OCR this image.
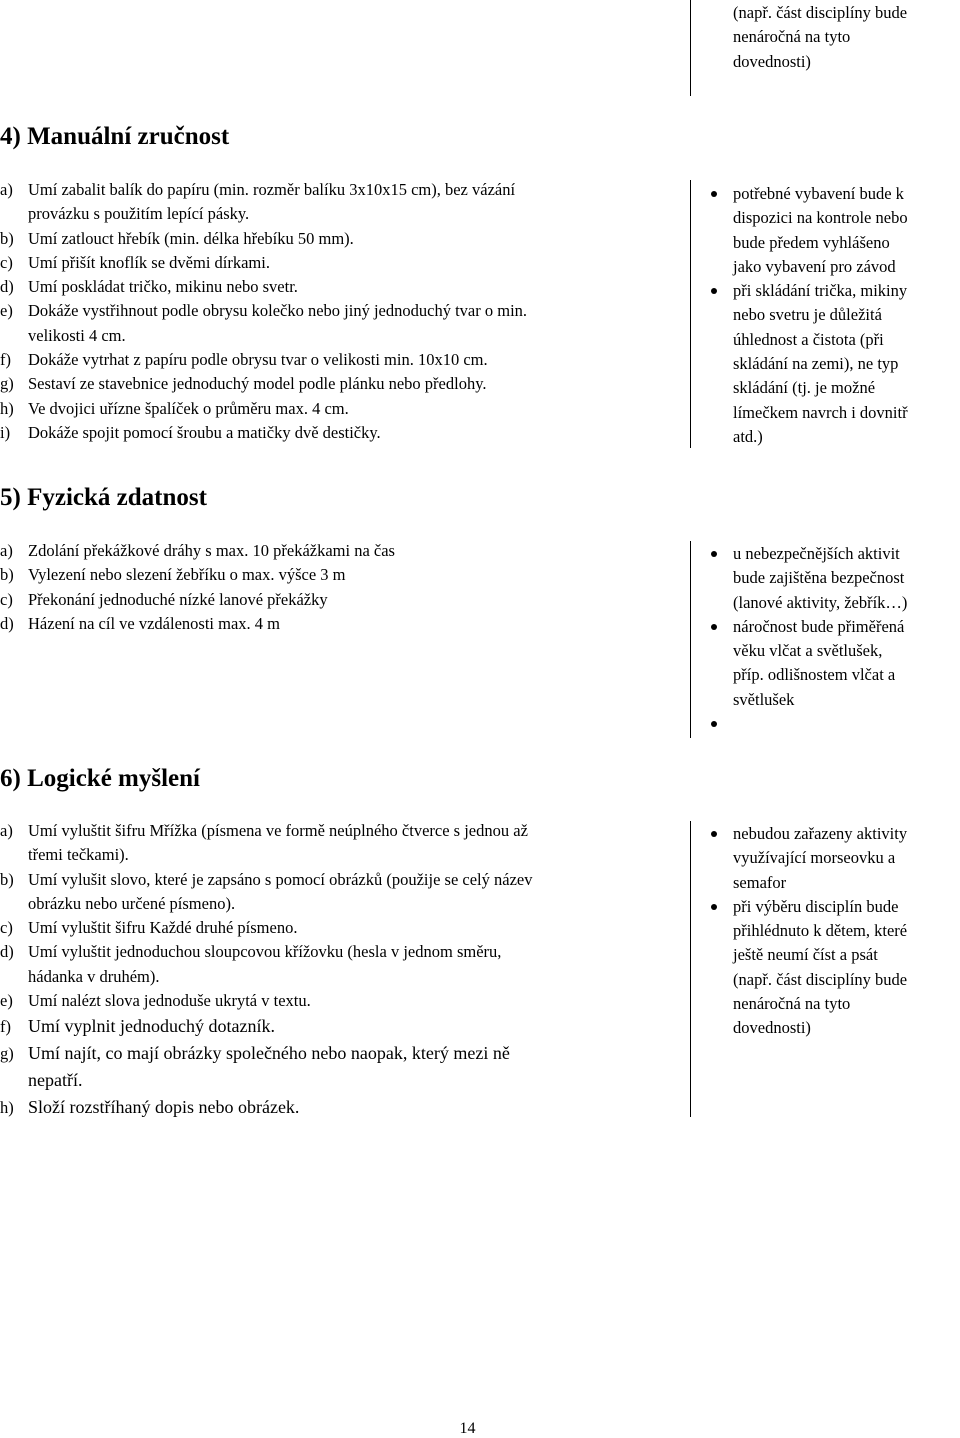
(např. část disciplíny bude
nenáročná na tyto
dovednosti)
4) Manuální zručnost
a) Umí zabalit balík do papíru (min. rozměr balíku 3x10x15 cm), bez vázání
provázku s použitím lepící pásky.
b) Umí zatlouct hřebík (min. délka hřebíku 50 mm).
c) Umí přišít knoflík se dvěmi dírkami.
d) Umí poskládat tričko, mikinu nebo svetr.
e) Dokáže vystřihnout podle obrysu kolečko nebo jiný jednoduchý tvar o min.
velikosti 4 cm.
f) Dokáže vytrhat z papíru podle obrysu tvar o velikosti min. 10x10 cm.
g) Sestaví ze stavebnice jednoduchý model podle plánku nebo předlohy.
h) Ve dvojici uřízne špalíček o průměru max. 4 cm.
i) Dokáže spojit pomocí šroubu a matičky dvě destičky.
potřebné vybavení bude k
dispozici na kontrole nebo
bude předem vyhlášeno
jako vybavení pro závod
při skládání trička, mikiny
nebo svetru je důležitá
úhlednost a čistota (při
skládání na zemi), ne typ
skládání (tj. je možné
límečkem navrch i dovnitř
atd.)
5) Fyzická zdatnost
a) Zdolání překážkové dráhy s max. 10 překážkami na čas
b) Vylezení nebo slezení žebříku o max. výšce 3 m
c) Překonání jednoduché nízké lanové překážky
d) Házení na cíl ve vzdálenosti max. 4 m
u nebezpečnějších aktivit
bude zajištěna bezpečnost
(lanové aktivity, žebřík…)
náročnost bude přiměřená
věku vlčat a světlušek,
příp. odlišnostem vlčat a
světlušek
6) Logické myšlení
a) Umí vyluštit šifru Mřížka (písmena ve formě neúplného čtverce s jednou až
třemi tečkami).
b) Umí vylušit slovo, které je zapsáno s pomocí obrázků (použije se celý název
obrázku nebo určené písmeno).
c) Umí vyluštit šifru Každé druhé písmeno.
d) Umí vyluštit jednoduchou sloupcovou křížovku (hesla v jednom směru,
hádanka v druhém).
e) Umí nalézt slova jednoduše ukrytá v textu.
f) Umí vyplnit jednoduchý dotazník.
g) Umí najít, co mají obrázky společného nebo naopak, který mezi ně
nepatří.
h) Složí rozstříhaný dopis nebo obrázek.
nebudou zařazeny aktivity
využívající morseovku a
semafor
při výběru disciplín bude
přihlédnuto k dětem, které
ještě neumí číst a psát
(např. část disciplíny bude
nenáročná na tyto
dovednosti)
14
